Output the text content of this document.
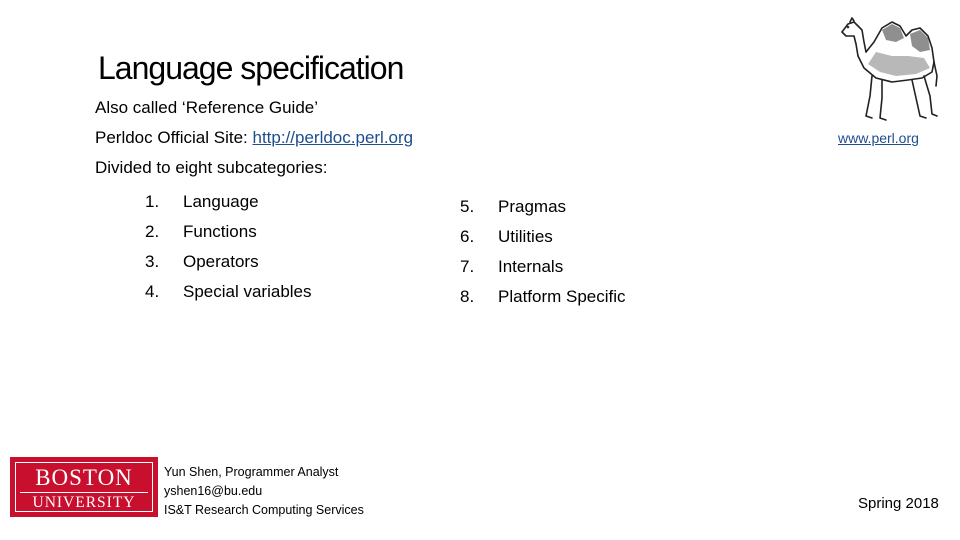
Language specification
Also called ‘Reference Guide’
Perldoc Official Site: http://perldoc.perl.org
Divided to eight subcategories:
1.	Language
2.	Functions
3.	Operators
4.	Special variables
5.	Pragmas
6.	Utilities
7.	Internals
8.	Platform Specific
www.perl.org
BOSTON
UNIVERSITY
Yun Shen, Programmer Analyst
yshen16@bu.edu
IS&T Research Computing Services	Spring 2018
